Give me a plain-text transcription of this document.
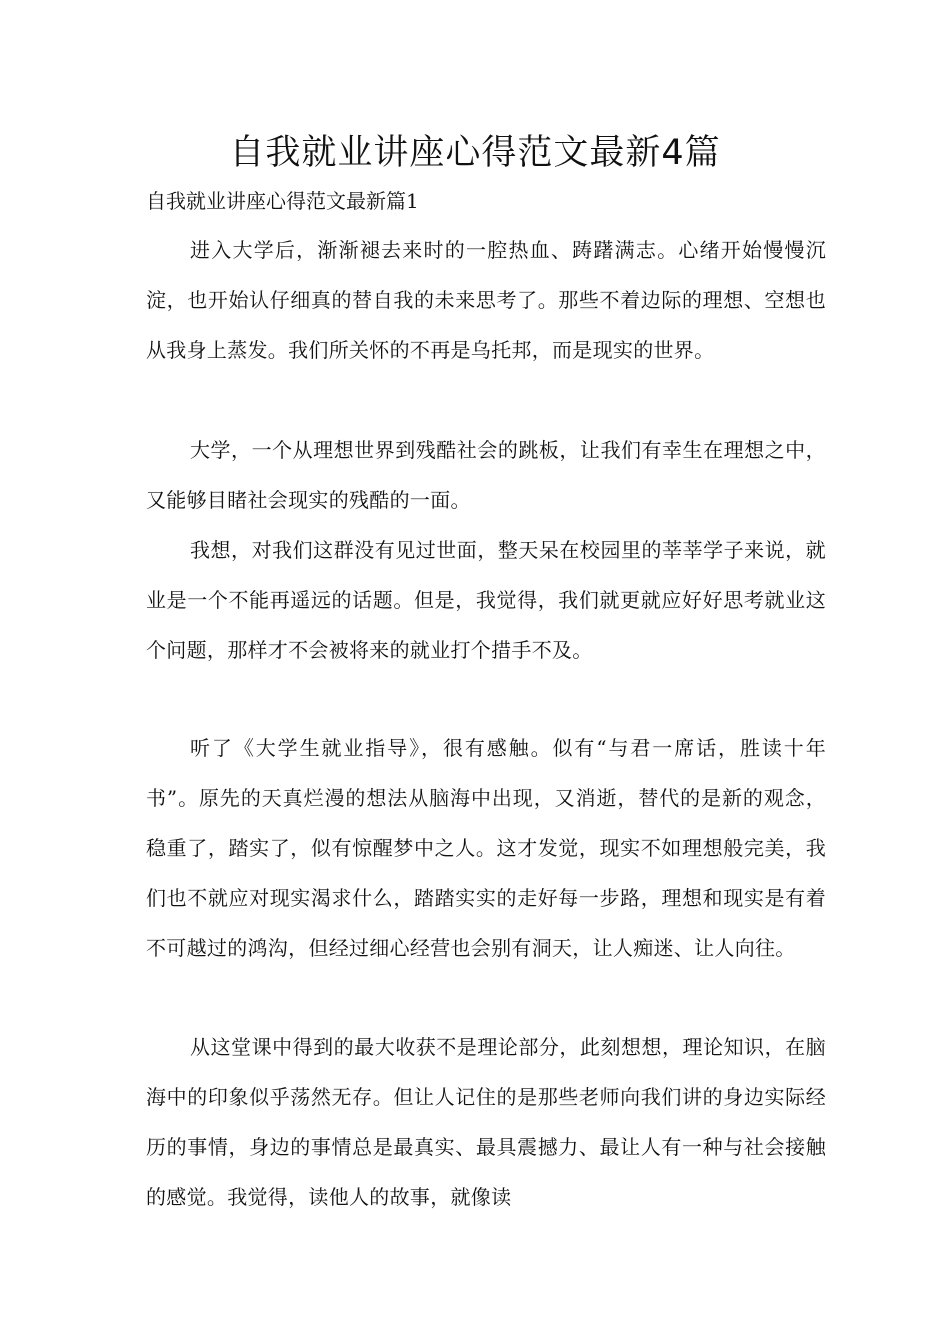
自我就业讲座心得范文最新4篇

自我就业讲座心得范文最新篇1

进入大学后，渐渐褪去来时的一腔热血、踌躇满志。心绪开始慢慢沉淀，也开始认仔细真的替自我的未来思考了。那些不着边际的理想、空想也从我身上蒸发。我们所关怀的不再是乌托邦，而是现实的世界。

大学，一个从理想世界到残酷社会的跳板，让我们有幸生在理想之中，又能够目睹社会现实的残酷的一面。

我想，对我们这群没有见过世面，整天呆在校园里的莘莘学子来说，就业是一个不能再遥远的话题。但是，我觉得，我们就更就应好好思考就业这个问题，那样才不会被将来的就业打个措手不及。

听了《大学生就业指导》，很有感触。似有“与君一席话，胜读十年书”。原先的天真烂漫的想法从脑海中出现，又消逝，替代的是新的观念，稳重了，踏实了，似有惊醒梦中之人。这才发觉，现实不如理想般完美，我们也不就应对现实渴求什么，踏踏实实的走好每一步路，理想和现实是有着不可越过的鸿沟，但经过细心经营也会别有洞天，让人痴迷、让人向往。

从这堂课中得到的最大收获不是理论部分，此刻想想，理论知识，在脑海中的印象似乎荡然无存。但让人记住的是那些老师向我们讲的身边实际经历的事情，身边的事情总是最真实、最具震撼力、最让人有一种与社会接触的感觉。我觉得，读他人的故事，就像读
